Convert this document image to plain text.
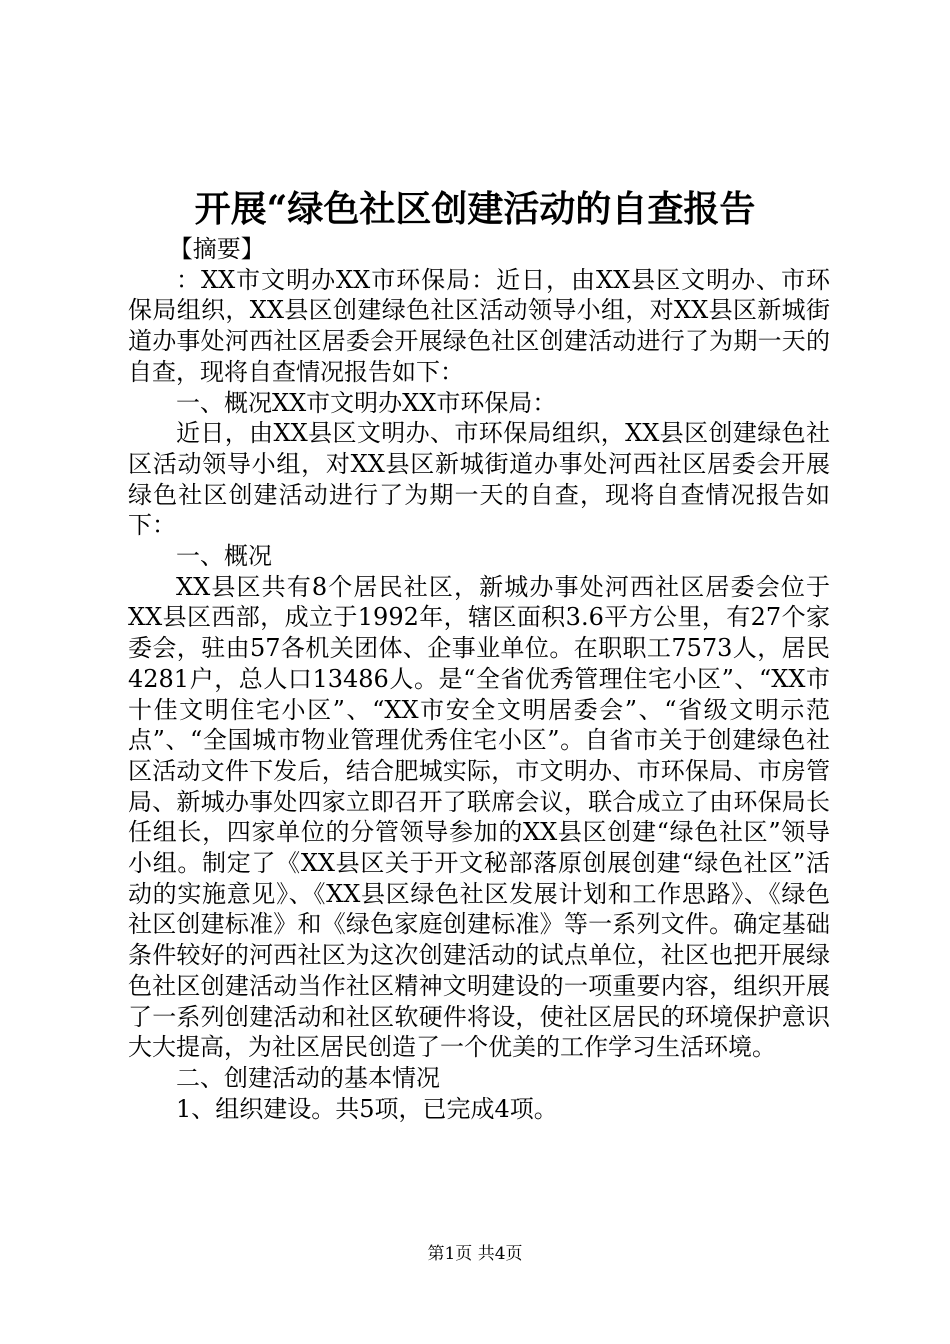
开展“绿色社区创建活动的自查报告

【摘要】

：XX市文明办XX市环保局：近日，由XX县区文明办、市环保局组织，XX县区创建绿色社区活动领导小组，对XX县区新城街道办事处河西社区居委会开展绿色社区创建活动进行了为期一天的自查，现将自查情况报告如下：

一、概况XX市文明办XX市环保局：

近日，由XX县区文明办、市环保局组织，XX县区创建绿色社区活动领导小组，对XX县区新城街道办事处河西社区居委会开展绿色社区创建活动进行了为期一天的自查，现将自查情况报告如下：

一、概况

XX县区共有8个居民社区，新城办事处河西社区居委会位于XX县区西部，成立于1992年，辖区面积3.6平方公里，有27个家委会，驻由57各机关团体、企事业单位。在职职工7573人，居民4281户，总人口13486人。是“全省优秀管理住宅小区”、“XX市十佳文明住宅小区”、“XX市安全文明居委会”、“省级文明示范点”、“全国城市物业管理优秀住宅小区”。自省市关于创建绿色社区活动文件下发后，结合肥城实际，市文明办、市环保局、市房管局、新城办事处四家立即召开了联席会议，联合成立了由环保局长任组长，四家单位的分管领导参加的XX县区创建“绿色社区”领导小组。制定了《XX县区关于开文秘部落原创展创建“绿色社区”活动的实施意见》、《XX县区绿色社区发展计划和工作思路》、《绿色社区创建标准》和《绿色家庭创建标准》等一系列文件。确定基础条件较好的河西社区为这次创建活动的试点单位，社区也把开展绿色社区创建活动当作社区精神文明建设的一项重要内容，组织开展了一系列创建活动和社区软硬件将设，使社区居民的环境保护意识大大提高，为社区居民创造了一个优美的工作学习生活环境。

二、创建活动的基本情况

1、组织建设。共5项，已完成4项。

第1页 共4页
